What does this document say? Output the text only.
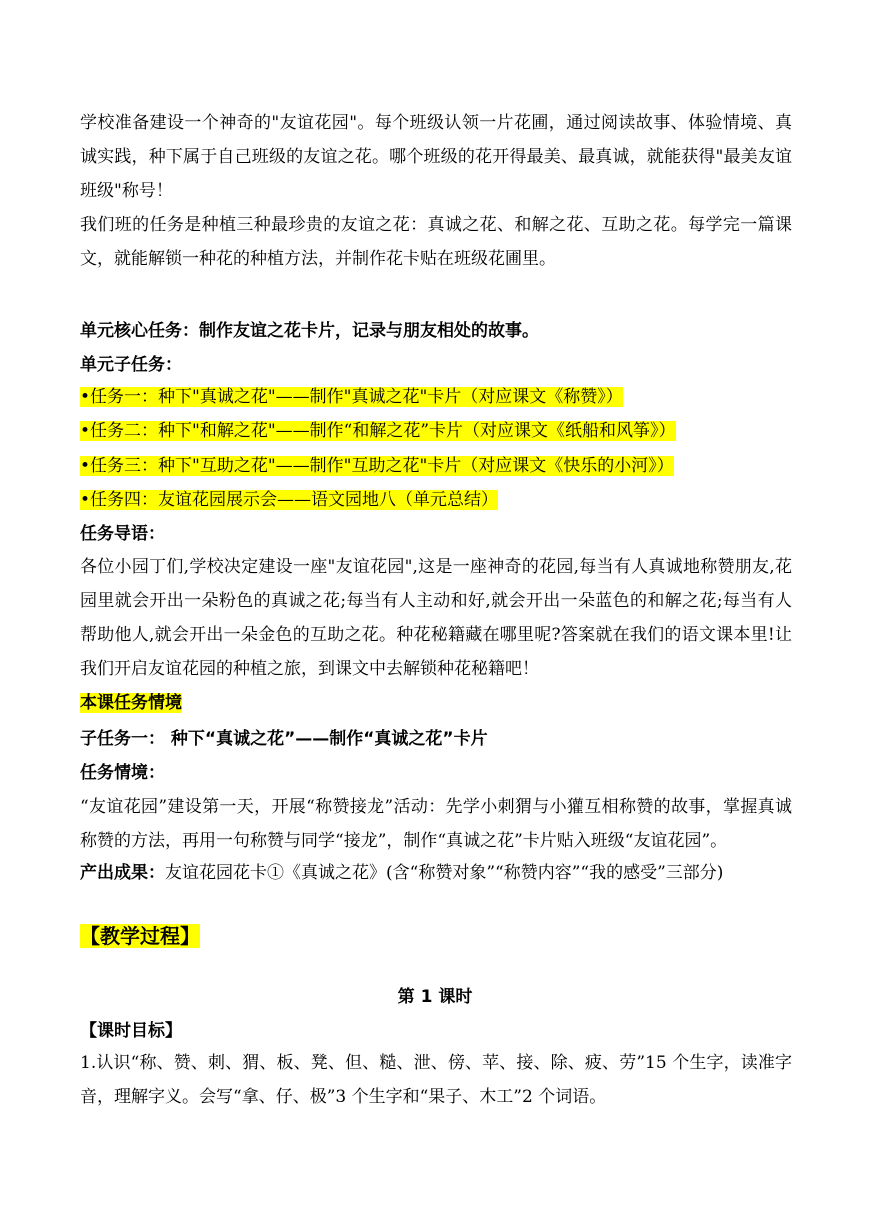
学校准备建设一个神奇的"友谊花园"。每个班级认领一片花圃，通过阅读故事、体验情境、真诚实践，种下属于自己班级的友谊之花。哪个班级的花开得最美、最真诚，就能获得"最美友谊班级"称号！

我们班的任务是种植三种最珍贵的友谊之花：真诚之花、和解之花、互助之花。每学完一篇课文，就能解锁一种花的种植方法，并制作花卡贴在班级花圃里。

单元核心任务：制作友谊之花卡片，记录与朋友相处的故事。

单元子任务：

•任务一：种下"真诚之花"——制作"真诚之花"卡片（对应课文《称赞》）

•任务二：种下"和解之花"——制作“和解之花”卡片（对应课文《纸船和风筝》）

•任务三：种下"互助之花"——制作"互助之花"卡片（对应课文《快乐的小河》）

•任务四：友谊花园展示会——语文园地八（单元总结）

任务导语：

各位小园丁们,学校决定建设一座"友谊花园",这是一座神奇的花园,每当有人真诚地称赞朋友,花园里就会开出一朵粉色的真诚之花;每当有人主动和好,就会开出一朵蓝色的和解之花;每当有人帮助他人,就会开出一朵金色的互助之花。种花秘籍藏在哪里呢?答案就在我们的语文课本里!让我们开启友谊花园的种植之旅，到课文中去解锁种花秘籍吧！

本课任务情境

子任务一： 种下“真诚之花”——制作“真诚之花”卡片

任务情境：

“友谊花园”建设第一天，开展“称赞接龙”活动：先学小刺猬与小獾互相称赞的故事，掌握真诚称赞的方法，再用一句称赞与同学“接龙”，制作“真诚之花”卡片贴入班级“友谊花园”。

产出成果：友谊花园花卡①《真诚之花》(含“称赞对象”“称赞内容”“我的感受”三部分)

【教学过程】

第 1 课时

【课时目标】

1.认识“称、赞、刺、猬、板、凳、但、糙、泄、傍、苹、接、除、疲、劳”15 个生字，读准字音，理解字义。会写“拿、仔、极”3 个生字和“果子、木工”2 个词语。
